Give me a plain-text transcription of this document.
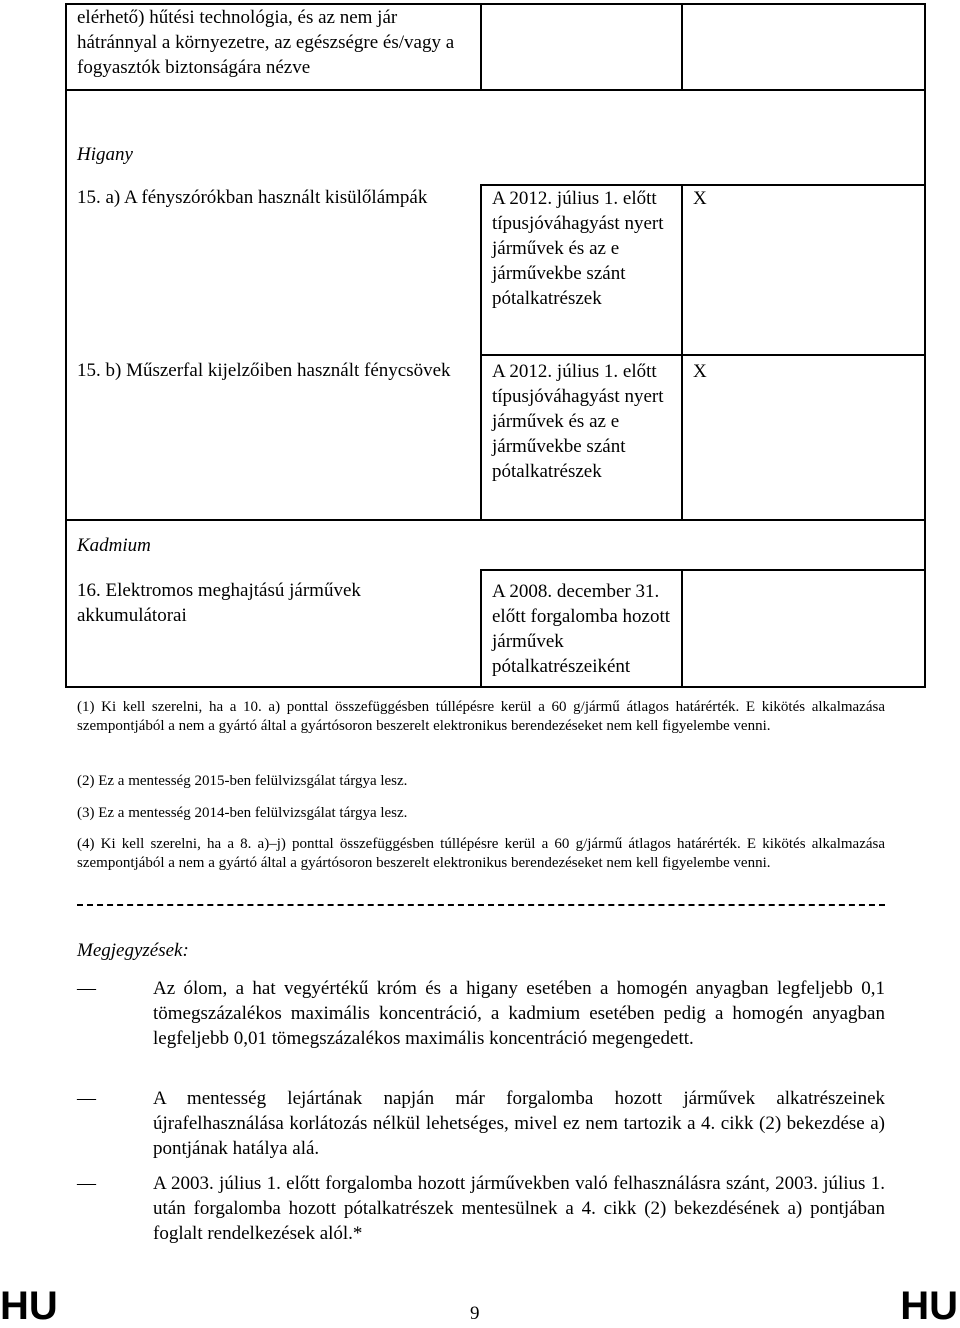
elérhető) hűtési technológia, és az nem jár hátránnyal a környezetre, az egészségre és/vagy a fogyasztók biztonságára nézve		
Higany		
15. a) A fényszórókban használt kisülőlámpák	A 2012. július 1. előtt típusjóváhagyást nyert járművek és az e járművekbe szánt pótalkatrészek	X
15. b) Műszerfal kijelzőiben használt fénycsövek	A 2012. július 1. előtt típusjóváhagyást nyert járművek és az e járművekbe szánt pótalkatrészek	X
Kadmium		
16. Elektromos meghajtású járművek akkumulátorai	A 2008. december 31. előtt forgalomba hozott járművek pótalkatrészeiként	
(1) Ki kell szerelni, ha a 10. a) ponttal összefüggésben túllépésre kerül a 60 g/jármű átlagos határérték. E kikötés alkalmazása szempontjából a nem a gyártó által a gyártósoron beszerelt elektronikus berendezéseket nem kell figyelembe venni.
(2) Ez a mentesség 2015-ben felülvizsgálat tárgya lesz.
(3) Ez a mentesség 2014-ben felülvizsgálat tárgya lesz.
(4) Ki kell szerelni, ha a 8. a)–j) ponttal összefüggésben túllépésre kerül a 60 g/jármű átlagos határérték. E kikötés alkalmazása szempontjából a nem a gyártó által a gyártósoron beszerelt elektronikus berendezéseket nem kell figyelembe venni.
Megjegyzések:
—	Az ólom, a hat vegyértékű króm és a higany esetében a homogén anyagban legfeljebb 0,1 tömegszázalékos maximális koncentráció, a kadmium esetében pedig a homogén anyagban legfeljebb 0,01 tömegszázalékos maximális koncentráció megengedett.
—	A mentesség lejártának napján már forgalomba hozott járművek alkatrészeinek újrafelhasználása korlátozás nélkül lehetséges, mivel ez nem tartozik a 4. cikk (2) bekezdése a) pontjának hatálya alá.
—	A 2003. július 1. előtt forgalomba hozott járművekben való felhasználásra szánt, 2003. július 1. után forgalomba hozott pótalkatrészek mentesülnek a 4. cikk (2) bekezdésének a) pontjában foglalt rendelkezések alól.*
HU	9	HU
